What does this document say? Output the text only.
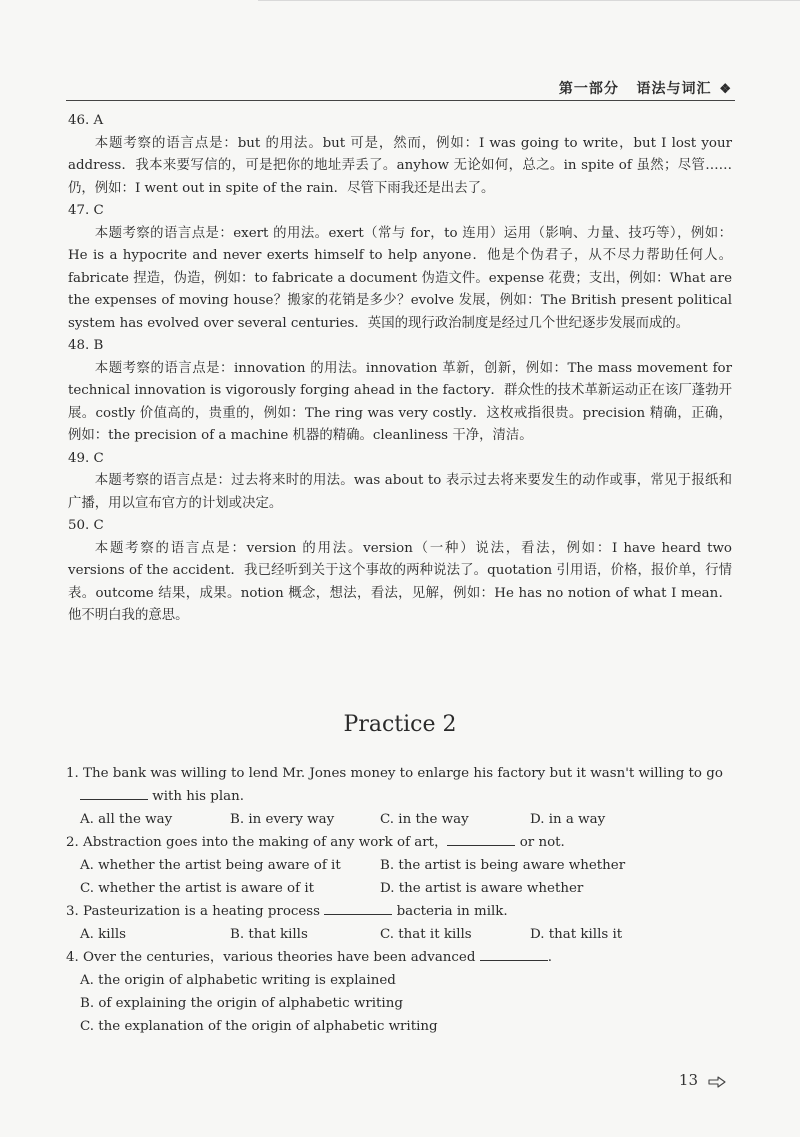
第一部分 语法与词汇 ❖
46. A

本题考察的语言点是：but 的用法。but 可是，然而，例如：I was going to write，but I lost your address．我本来要写信的，可是把你的地址弄丢了。anyhow 无论如何，总之。in spite of 虽然；尽管……仍，例如：I went out in spite of the rain．尽管下雨我还是出去了。

47. C

本题考察的语言点是：exert 的用法。exert（常与 for，to 连用）运用（影响、力量、技巧等），例如：He is a hypocrite and never exerts himself to help anyone．他是个伪君子，从不尽力帮助任何人。fabricate 捏造，伪造，例如：to fabricate a document 伪造文件。expense 花费；支出，例如：What are the expenses of moving house？搬家的花销是多少？evolve 发展，例如：The British present political system has evolved over several centuries．英国的现行政治制度是经过几个世纪逐步发展而成的。

48. B

本题考察的语言点是：innovation 的用法。innovation 革新，创新，例如：The mass movement for technical innovation is vigorously forging ahead in the factory．群众性的技术革新运动正在该厂蓬勃开展。costly 价值高的，贵重的，例如：The ring was very costly．这枚戒指很贵。precision 精确，正确，例如：the precision of a machine 机器的精确。cleanliness 干净，清洁。

49. C

本题考察的语言点是：过去将来时的用法。was about to 表示过去将来要发生的动作或事，常见于报纸和广播，用以宣布官方的计划或决定。

50. C

本题考察的语言点是：version 的用法。version（一种）说法，看法，例如：I have heard two versions of the accident．我已经听到关于这个事故的两种说法了。quotation 引用语，价格，报价单，行情表。outcome 结果，成果。notion 概念，想法，看法，见解，例如：He has no notion of what I mean．他不明白我的意思。

Practice 2

1. The bank was willing to lend Mr. Jones money to enlarge his factory but it wasn't willing to go

with his plan.

A. all the way	B. in every way	C. in the way	D. in a way

2. Abstraction goes into the making of any work of art，	or not.

A. whether the artist being aware of it	B. the artist is being aware whether
C. whether the artist is aware of it	D. the artist is aware whether

3. Pasteurization is a heating process	bacteria in milk.

A. kills	B. that kills	C. that it kills	D. that kills it

4. Over the centuries，various theories have been advanced	.

A. the origin of alphabetic writing is explained
B. of explaining the origin of alphabetic writing
C. the explanation of the origin of alphabetic writing
13
